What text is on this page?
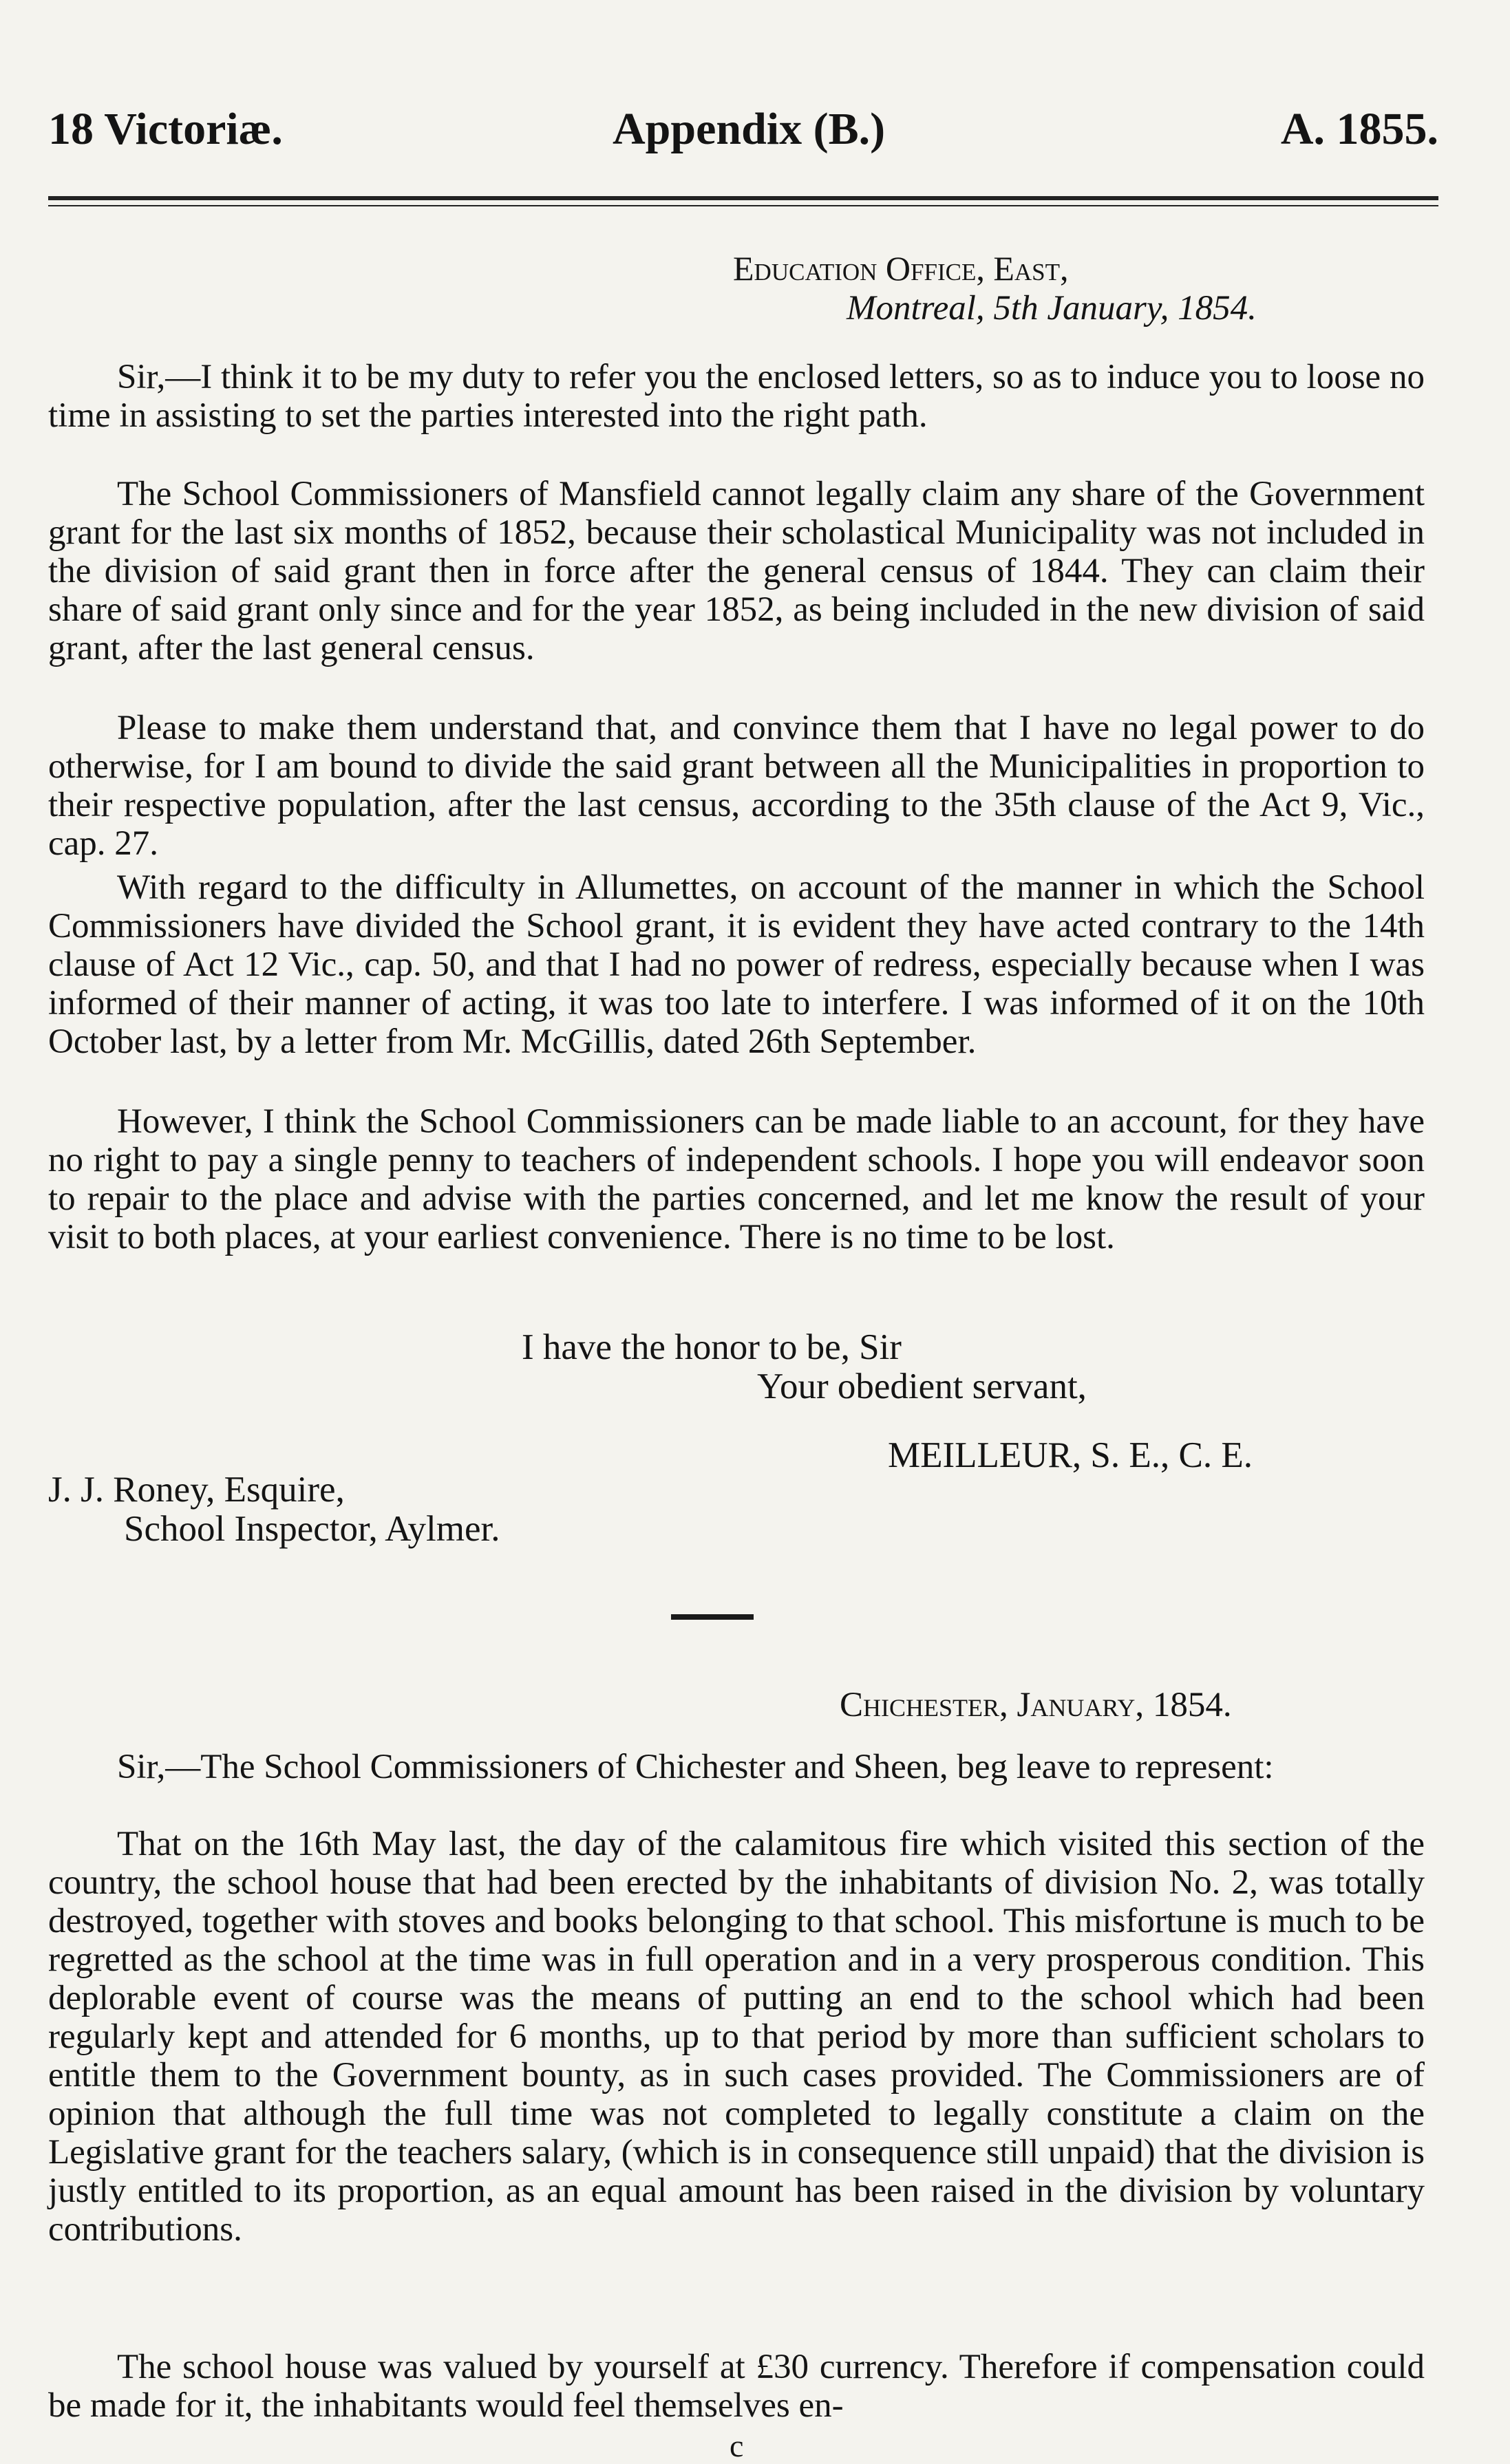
18 Victoriæ.	Appendix (B.)	A. 1855.
Education Office, East,
Montreal, 5th January, 1854.
Sir,—I think it to be my duty to refer you the enclosed letters, so as to induce you to loose no time in assisting to set the parties interested into the right path.
The School Commissioners of Mansfield cannot legally claim any share of the Government grant for the last six months of 1852, because their scholastical Municipality was not included in the division of said grant then in force after the general census of 1844. They can claim their share of said grant only since and for the year 1852, as being included in the new division of said grant, after the last general census.
Please to make them understand that, and convince them that I have no legal power to do otherwise, for I am bound to divide the said grant between all the Municipalities in proportion to their respective population, after the last census, according to the 35th clause of the Act 9, Vic., cap. 27.
With regard to the difficulty in Allumettes, on account of the manner in which the School Commissioners have divided the School grant, it is evident they have acted contrary to the 14th clause of Act 12 Vic., cap. 50, and that I had no power of redress, especially because when I was informed of their manner of acting, it was too late to interfere. I was informed of it on the 10th October last, by a letter from Mr. McGillis, dated 26th September.
However, I think the School Commissioners can be made liable to an account, for they have no right to pay a single penny to teachers of independent schools. I hope you will endeavor soon to repair to the place and advise with the parties concerned, and let me know the result of your visit to both places, at your earliest convenience. There is no time to be lost.
I have the honor to be, Sir
Your obedient servant,
MEILLEUR, S. E., C. E.
J. J. Roney, Esquire,
School Inspector, Aylmer.
Chichester, January, 1854.
Sir,—The School Commissioners of Chichester and Sheen, beg leave to represent:
That on the 16th May last, the day of the calamitous fire which visited this section of the country, the school house that had been erected by the inhabitants of division No. 2, was totally destroyed, together with stoves and books belonging to that school. This misfortune is much to be regretted as the school at the time was in full operation and in a very prosperous condition. This deplorable event of course was the means of putting an end to the school which had been regularly kept and attended for 6 months, up to that period by more than sufficient scholars to entitle them to the Government bounty, as in such cases provided. The Commissioners are of opinion that although the full time was not completed to legally constitute a claim on the Legislative grant for the teachers salary, (which is in consequence still unpaid) that the division is justly entitled to its proportion, as an equal amount has been raised in the division by voluntary contributions.
The school house was valued by yourself at £30 currency. Therefore if compensation could be made for it, the inhabitants would feel themselves en-
c
